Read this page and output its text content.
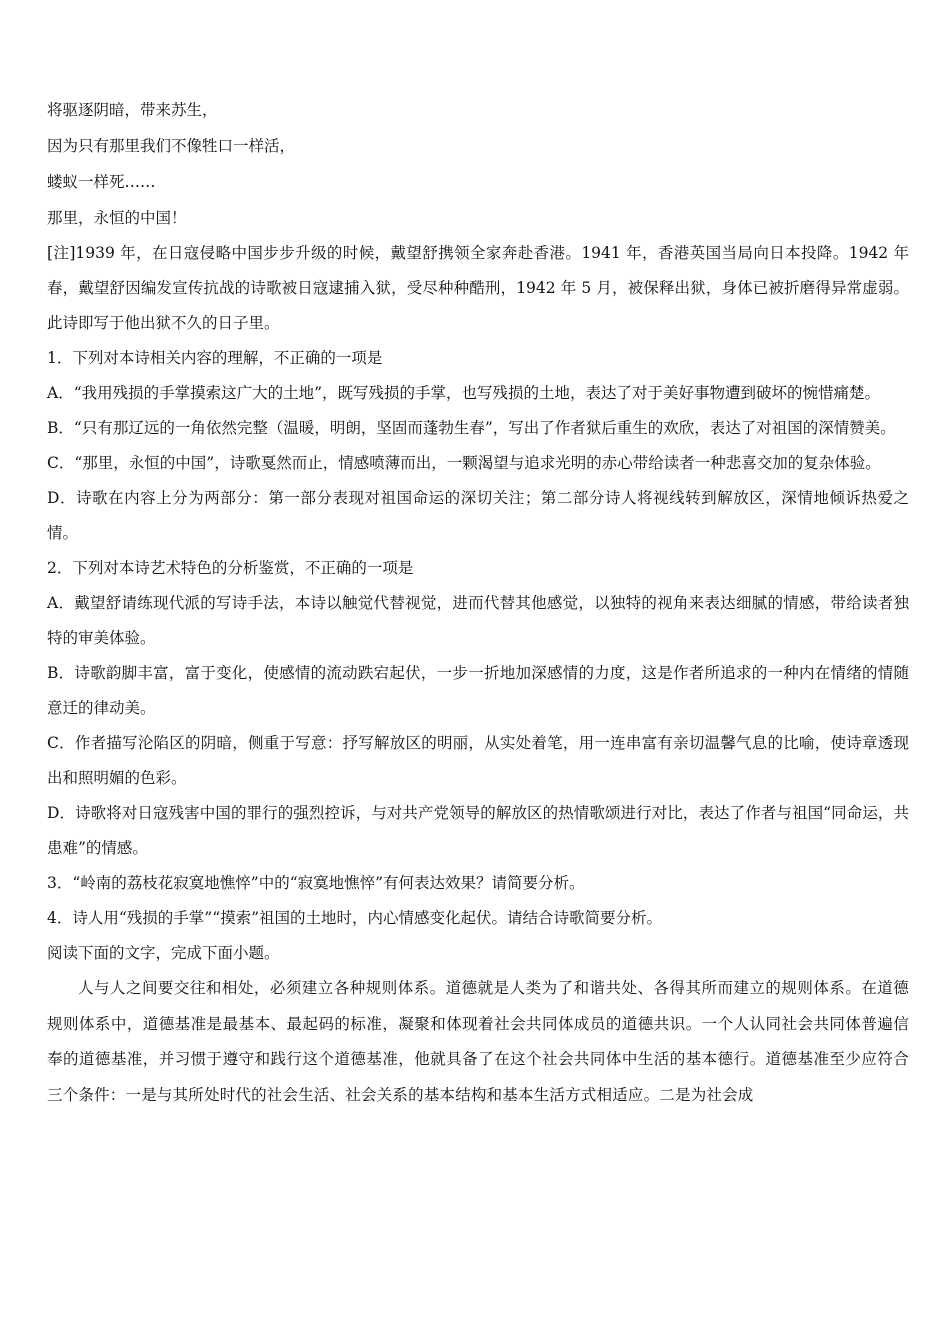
将驱逐阴暗，带来苏生，
因为只有那里我们不像牲口一样活，
蝼蚁一样死……
那里，永恒的中国！

[注]1939 年，在日寇侵略中国步步升级的时候，戴望舒携领全家奔赴香港。1941 年，香港英国当局向日本投降。1942 年春，戴望舒因编发宣传抗战的诗歌被日寇逮捕入狱，受尽种种酷刑，1942 年 5 月，被保释出狱，身体已被折磨得异常虚弱。此诗即写于他出狱不久的日子里。

1．下列对本诗相关内容的理解，不正确的一项是

A．“我用残损的手掌摸索这广大的土地”，既写残损的手掌，也写残损的土地，表达了对于美好事物遭到破坏的惋惜痛楚。

B．“只有那辽远的一角依然完整（温暖，明朗，坚固而蓬勃生春”，写出了作者狱后重生的欢欣，表达了对祖国的深情赞美。

C．“那里，永恒的中国”，诗歌戛然而止，情感喷薄而出，一颗渴望与追求光明的赤心带给读者一种悲喜交加的复杂体验。

D．诗歌在内容上分为两部分：第一部分表现对祖国命运的深切关注；第二部分诗人将视线转到解放区，深情地倾诉热爱之情。

2．下列对本诗艺术特色的分析鉴赏，不正确的一项是

A．戴望舒请练现代派的写诗手法，本诗以触觉代替视觉，进而代替其他感觉，以独特的视角来表达细腻的情感，带给读者独特的审美体验。

B．诗歌韵脚丰富，富于变化，使感情的流动跌宕起伏，一步一折地加深感情的力度，这是作者所追求的一种内在情绪的情随意迁的律动美。

C．作者描写沦陷区的阴暗，侧重于写意：抒写解放区的明丽，从实处着笔，用一连串富有亲切温馨气息的比喻，使诗章透现出和照明媚的色彩。

D．诗歌将对日寇残害中国的罪行的强烈控诉，与对共产党领导的解放区的热情歌颂进行对比，表达了作者与祖国“同命运，共患难”的情感。

3．“岭南的荔枝花寂寞地憔悴”中的“寂寞地憔悴”有何表达效果？请简要分析。

4．诗人用“残损的手掌”“摸索”祖国的土地时，内心情感变化起伏。请结合诗歌简要分析。

阅读下面的文字，完成下面小题。

人与人之间要交往和相处，必须建立各种规则体系。道德就是人类为了和谐共处、各得其所而建立的规则体系。在道德规则体系中，道德基准是最基本、最起码的标准，凝聚和体现着社会共同体成员的道德共识。一个人认同社会共同体普遍信奉的道德基准，并习惯于遵守和践行这个道德基准，他就具备了在这个社会共同体中生活的基本德行。道德基准至少应符合三个条件：一是与其所处时代的社会生活、社会关系的基本结构和基本生活方式相适应。二是为社会成
